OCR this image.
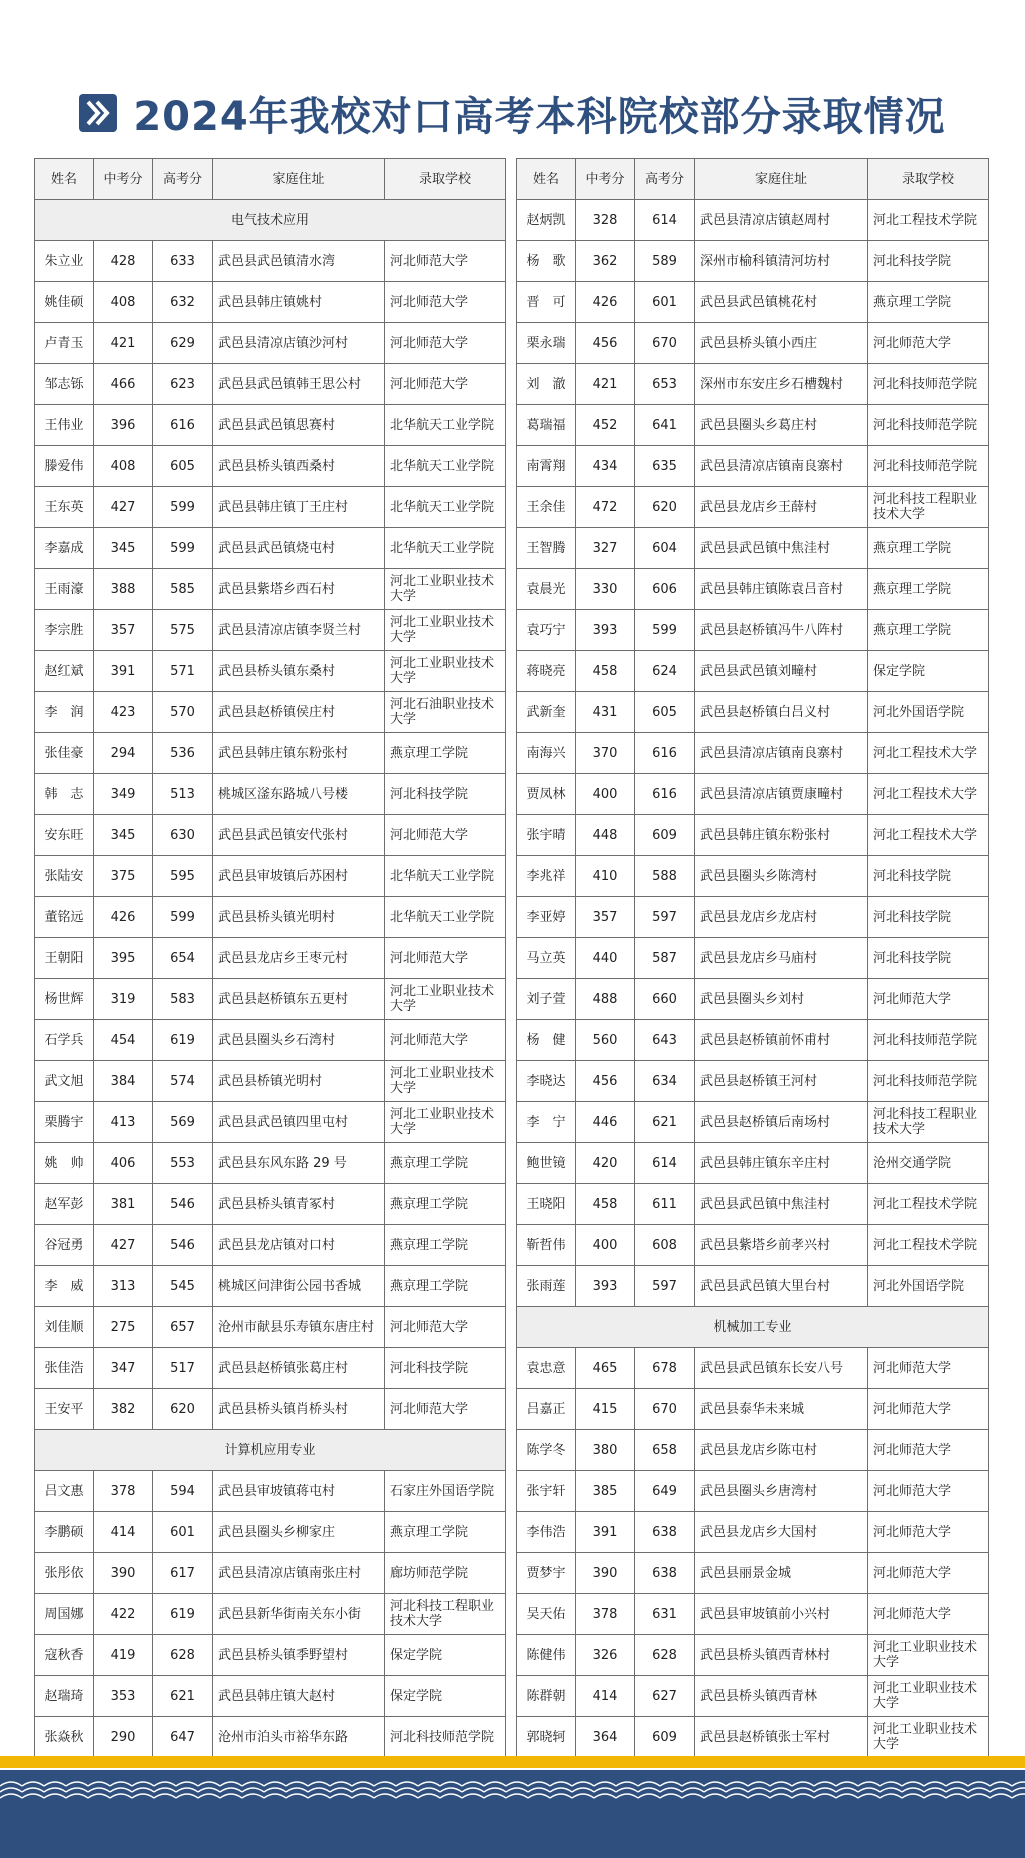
2024年我校对口高考本科院校部分录取情况
姓名	中考分	高考分	家庭住址	录取学校
电气技术应用				
朱立业	428	633	武邑县武邑镇清水湾	河北师范大学
姚佳硕	408	632	武邑县韩庄镇姚村	河北师范大学
卢青玉	421	629	武邑县清凉店镇沙河村	河北师范大学
邹志铄	466	623	武邑县武邑镇韩王思公村	河北师范大学
王伟业	396	616	武邑县武邑镇思赛村	北华航天工业学院
滕爱伟	408	605	武邑县桥头镇西桑村	北华航天工业学院
王东英	427	599	武邑县韩庄镇丁王庄村	北华航天工业学院
李嘉成	345	599	武邑县武邑镇烧屯村	北华航天工业学院
王雨濠	388	585	武邑县紫塔乡西石村	河北工业职业技术大学
李宗胜	357	575	武邑县清凉店镇李贤兰村	河北工业职业技术大学
赵红斌	391	571	武邑县桥头镇东桑村	河北工业职业技术大学
李　润	423	570	武邑县赵桥镇侯庄村	河北石油职业技术大学
张佳豪	294	536	武邑县韩庄镇东粉张村	燕京理工学院
韩　志	349	513	桃城区滏东路城八号楼	河北科技学院
安东旺	345	630	武邑县武邑镇安代张村	河北师范大学
张陆安	375	595	武邑县审坡镇后苏困村	北华航天工业学院
董铭远	426	599	武邑县桥头镇光明村	北华航天工业学院
王朝阳	395	654	武邑县龙店乡王枣元村	河北师范大学
杨世辉	319	583	武邑县赵桥镇东五更村	河北工业职业技术大学
石学兵	454	619	武邑县圈头乡石湾村	河北师范大学
武文旭	384	574	武邑县桥镇光明村	河北工业职业技术大学
栗腾宇	413	569	武邑县武邑镇四里屯村	河北工业职业技术大学
姚　帅	406	553	武邑县东风东路 29 号	燕京理工学院
赵军彭	381	546	武邑县桥头镇青冢村	燕京理工学院
谷冠勇	427	546	武邑县龙店镇对口村	燕京理工学院
李　威	313	545	桃城区问津街公园书香城	燕京理工学院
刘佳顺	275	657	沧州市献县乐寿镇东唐庄村	河北师范大学
张佳浩	347	517	武邑县赵桥镇张葛庄村	河北科技学院
王安平	382	620	武邑县桥头镇肖桥头村	河北师范大学
计算机应用专业				
吕文惠	378	594	武邑县审坡镇蒋屯村	石家庄外国语学院
李鹏硕	414	601	武邑县圈头乡柳家庄	燕京理工学院
张彤依	390	617	武邑县清凉店镇南张庄村	廊坊师范学院
周国娜	422	619	武邑县新华街南关东小街	河北科技工程职业技术大学
寇秋香	419	628	武邑县桥头镇季野望村	保定学院
赵瑞琦	353	621	武邑县韩庄镇大赵村	保定学院
张焱秋	290	647	沧州市泊头市裕华东路	河北科技师范学院
姓名	中考分	高考分	家庭住址	录取学校
赵炳凯	328	614	武邑县清凉店镇赵周村	河北工程技术学院
杨　歌	362	589	深州市榆科镇清河坊村	河北科技学院
晋　可	426	601	武邑县武邑镇桃花村	燕京理工学院
栗永瑞	456	670	武邑县桥头镇小西庄	河北师范大学
刘　澈	421	653	深州市东安庄乡石槽魏村	河北科技师范学院
葛瑞福	452	641	武邑县圈头乡葛庄村	河北科技师范学院
南霄翔	434	635	武邑县清凉店镇南良寨村	河北科技师范学院
王余佳	472	620	武邑县龙店乡王薛村	河北科技工程职业技术大学
王智腾	327	604	武邑县武邑镇中焦洼村	燕京理工学院
袁晨光	330	606	武邑县韩庄镇陈袁吕音村	燕京理工学院
袁巧宁	393	599	武邑县赵桥镇冯牛八阵村	燕京理工学院
蒋晓亮	458	624	武邑县武邑镇刘疃村	保定学院
武新奎	431	605	武邑县赵桥镇白吕义村	河北外国语学院
南海兴	370	616	武邑县清凉店镇南良寨村	河北工程技术大学
贾凤林	400	616	武邑县清凉店镇贾康疃村	河北工程技术大学
张宇晴	448	609	武邑县韩庄镇东粉张村	河北工程技术大学
李兆祥	410	588	武邑县圈头乡陈湾村	河北科技学院
李亚婷	357	597	武邑县龙店乡龙店村	河北科技学院
马立英	440	587	武邑县龙店乡马庙村	河北科技学院
刘子萱	488	660	武邑县圈头乡刘村	河北师范大学
杨　健	560	643	武邑县赵桥镇前怀甫村	河北科技师范学院
李晓达	456	634	武邑县赵桥镇王河村	河北科技师范学院
李　宁	446	621	武邑县赵桥镇后南场村	河北科技工程职业技术大学
鲍世镜	420	614	武邑县韩庄镇东辛庄村	沧州交通学院
王晓阳	458	611	武邑县武邑镇中焦洼村	河北工程技术学院
靳哲伟	400	608	武邑县紫塔乡前孝兴村	河北工程技术学院
张雨莲	393	597	武邑县武邑镇大里台村	河北外国语学院
机械加工专业				
袁忠意	465	678	武邑县武邑镇东长安八号	河北师范大学
吕嘉正	415	670	武邑县泰华未来城	河北师范大学
陈学冬	380	658	武邑县龙店乡陈屯村	河北师范大学
张宇轩	385	649	武邑县圈头乡唐湾村	河北师范大学
李伟浩	391	638	武邑县龙店乡大国村	河北师范大学
贾梦宇	390	638	武邑县丽景金城	河北师范大学
吴天佑	378	631	武邑县审坡镇前小兴村	河北师范大学
陈健伟	326	628	武邑县桥头镇西青林村	河北工业职业技术大学
陈群朝	414	627	武邑县桥头镇西青林	河北工业职业技术大学
郭晓轲	364	609	武邑县赵桥镇张士军村	河北工业职业技术大学
